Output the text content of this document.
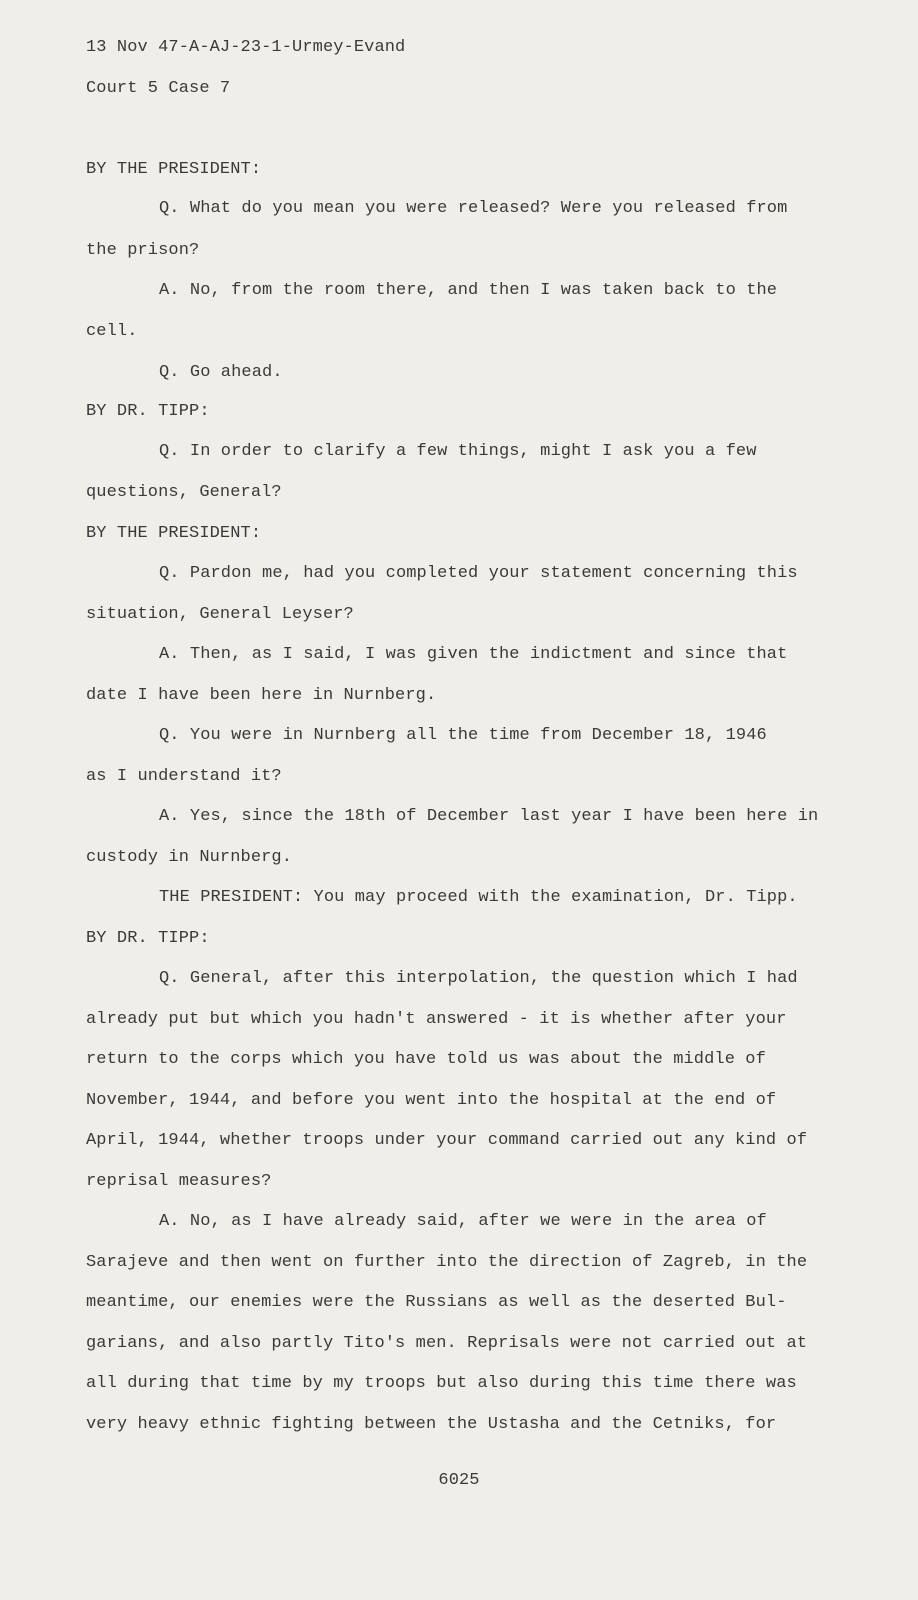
13 Nov 47-A-AJ-23-1-Urmey-Evand
Court 5 Case 7
BY THE PRESIDENT:
Q. What do you mean you were released? Were you released from
the prison?
A. No, from the room there, and then I was taken back to the
cell.
Q. Go ahead.
BY DR. TIPP:
Q. In order to clarify a few things, might I ask you a few
questions, General?
BY THE PRESIDENT:
Q. Pardon me, had you completed your statement concerning this
situation, General Leyser?
A. Then, as I said, I was given the indictment and since that
date I have been here in Nurnberg.
Q. You were in Nurnberg all the time from December 18, 1946
as I understand it?
A. Yes, since the 18th of December last year I have been here in
custody in Nurnberg.
THE PRESIDENT: You may proceed with the examination, Dr. Tipp.
BY DR. TIPP:
Q. General, after this interpolation, the question which I had
already put but which you hadn't answered - it is whether after your
return to the corps which you have told us was about the middle of
November, 1944, and before you went into the hospital at the end of
April, 1944, whether troops under your command carried out any kind of
reprisal measures?
A. No, as I have already said, after we were in the area of
Sarajeve and then went on further into the direction of Zagreb, in the
meantime, our enemies were the Russians as well as the deserted Bul-
garians, and also partly Tito's men. Reprisals were not carried out at
all during that time by my troops but also during this time there was
very heavy ethnic fighting between the Ustasha and the Cetniks, for
6025
